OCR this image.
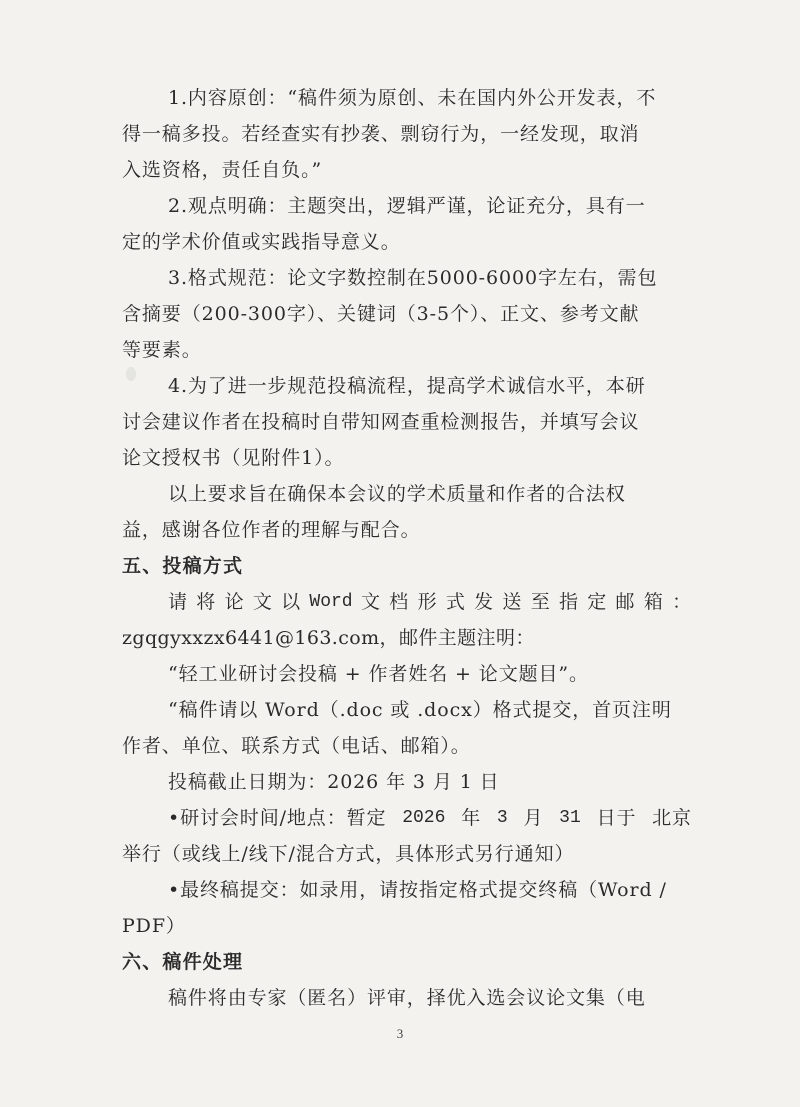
1.内容原创：“稿件须为原创、未在国内外公开发表，不
得一稿多投。若经查实有抄袭、剽窃行为，一经发现，取消
入选资格，责任自负。”
2.观点明确：主题突出，逻辑严谨，论证充分，具有一
定的学术价值或实践指导意义。
3.格式规范：论文字数控制在5000-6000字左右，需包
含摘要（200-300字）、关键词（3-5个）、正文、参考文献
等要素。
4.为了进一步规范投稿流程，提高学术诚信水平，本研
讨会建议作者在投稿时自带知网查重检测报告，并填写会议
论文授权书（见附件1）。
以上要求旨在确保本会议的学术质量和作者的合法权
益，感谢各位作者的理解与配合。
五、投稿方式
请 将 论 文 以 Word 文 档 形 式 发 送 至 指 定 邮 箱 ：
zgqgyxxzx6441@163.com，邮件主题注明：
“轻工业研讨会投稿 + 作者姓名 + 论文题目”。
“稿件请以 Word（.doc 或 .docx）格式提交，首页注明
作者、单位、联系方式（电话、邮箱）。
投稿截止日期为：2026 年 3 月 1 日
•研讨会时间/地点：暂定 2026 年 3 月 31 日于 北京
举行（或线上/线下/混合方式，具体形式另行通知）
•最终稿提交：如录用，请按指定格式提交终稿（Word /
PDF）
六、稿件处理
稿件将由专家（匿名）评审，择优入选会议论文集（电
3
